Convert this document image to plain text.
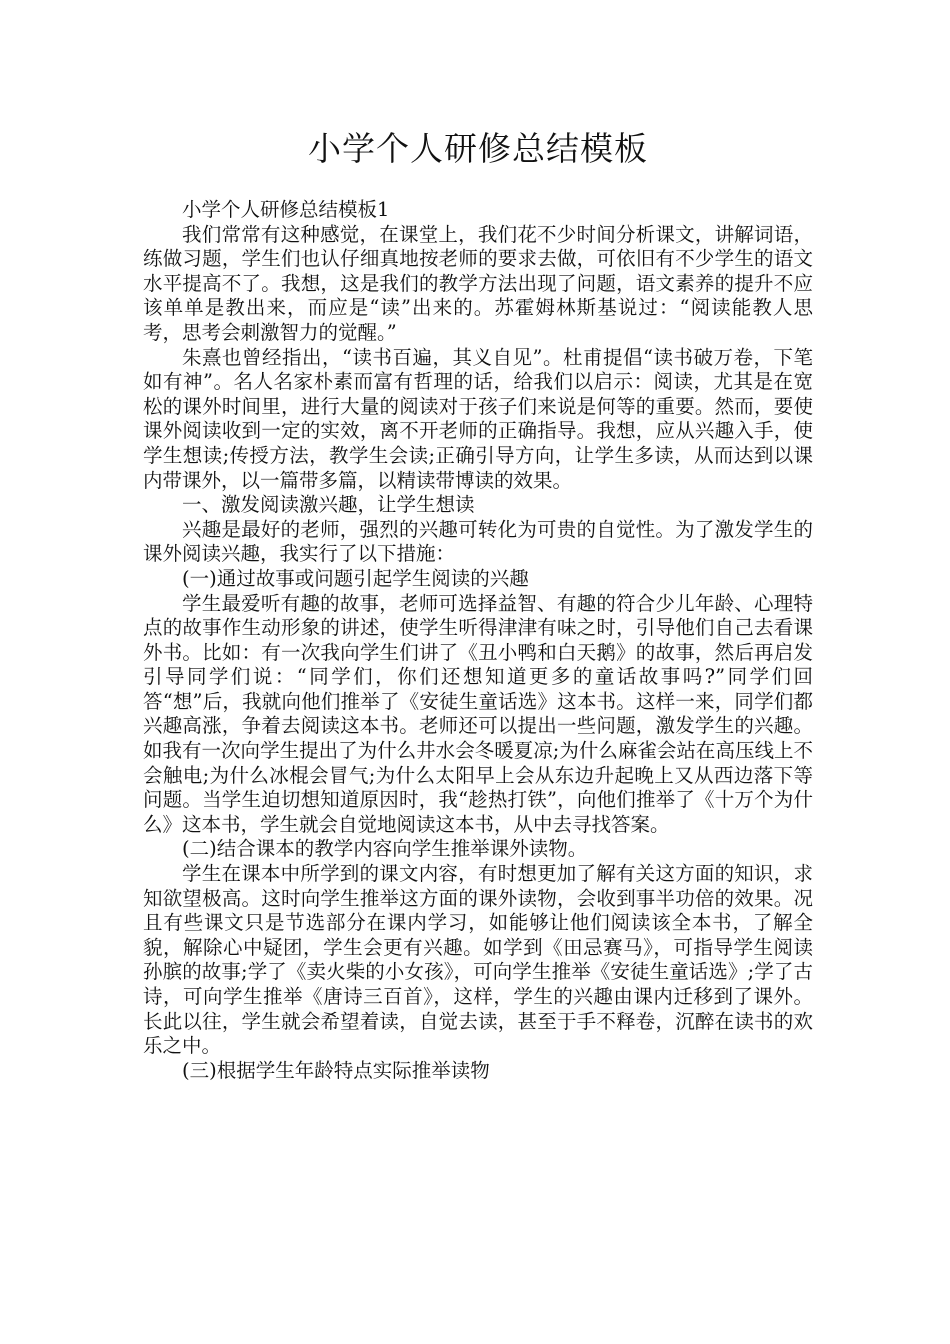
小学个人研修总结模板

小学个人研修总结模板1

我们常常有这种感觉，在课堂上，我们花不少时间分析课文，讲解词语，练做习题，学生们也认仔细真地按老师的要求去做，可依旧有不少学生的语文水平提高不了。我想，这是我们的教学方法出现了问题，语文素养的提升不应该单单是教出来，而应是“读”出来的。苏霍姆林斯基说过：“阅读能教人思考，思考会刺激智力的觉醒。”

朱熹也曾经指出，“读书百遍，其义自见”。杜甫提倡“读书破万卷，下笔如有神”。名人名家朴素而富有哲理的话，给我们以启示：阅读，尤其是在宽松的课外时间里，进行大量的阅读对于孩子们来说是何等的重要。然而，要使课外阅读收到一定的实效，离不开老师的正确指导。我想，应从兴趣入手，使学生想读;传授方法，教学生会读;正确引导方向，让学生多读，从而达到以课内带课外，以一篇带多篇，以精读带博读的效果。

一、激发阅读激兴趣，让学生想读

兴趣是最好的老师，强烈的兴趣可转化为可贵的自觉性。为了激发学生的课外阅读兴趣，我实行了以下措施：

(一)通过故事或问题引起学生阅读的兴趣

学生最爱听有趣的故事，老师可选择益智、有趣的符合少儿年龄、心理特点的故事作生动形象的讲述，使学生听得津津有味之时，引导他们自己去看课外书。比如：有一次我向学生们讲了《丑小鸭和白天鹅》的故事，然后再启发引导同学们说：“同学们，你们还想知道更多的童话故事吗?”同学们回答“想”后，我就向他们推举了《安徒生童话选》这本书。这样一来，同学们都兴趣高涨，争着去阅读这本书。老师还可以提出一些问题，激发学生的兴趣。如我有一次向学生提出了为什么井水会冬暖夏凉;为什么麻雀会站在高压线上不会触电;为什么冰棍会冒气;为什么太阳早上会从东边升起晚上又从西边落下等问题。当学生迫切想知道原因时，我“趁热打铁”，向他们推举了《十万个为什么》这本书，学生就会自觉地阅读这本书，从中去寻找答案。

(二)结合课本的教学内容向学生推举课外读物。

学生在课本中所学到的课文内容，有时想更加了解有关这方面的知识，求知欲望极高。这时向学生推举这方面的课外读物，会收到事半功倍的效果。况且有些课文只是节选部分在课内学习，如能够让他们阅读该全本书，了解全貌，解除心中疑团，学生会更有兴趣。如学到《田忌赛马》，可指导学生阅读孙膑的故事;学了《卖火柴的小女孩》，可向学生推举《安徒生童话选》;学了古诗，可向学生推举《唐诗三百首》，这样，学生的兴趣由课内迁移到了课外。长此以往，学生就会希望着读，自觉去读，甚至于手不释卷，沉醉在读书的欢乐之中。

(三)根据学生年龄特点实际推举读物
